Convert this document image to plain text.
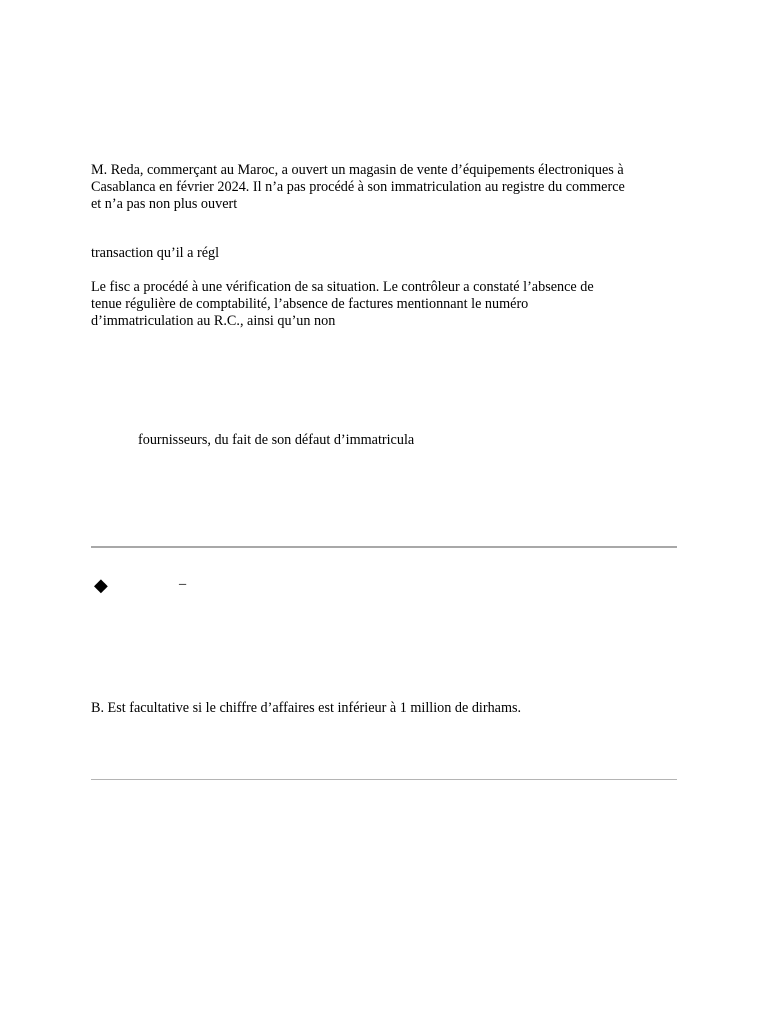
M. Reda, commerçant au Maroc, a ouvert un magasin de vente d’équipements électroniques à
Casablanca en février 2024. Il n’a pas procédé à son immatriculation au registre du commerce
et n’a pas non plus ouvert

transaction qu’il a régl

Le fisc a procédé à une vérification de sa situation. Le contrôleur a constaté l’absence de
tenue régulière de comptabilité, l’absence de factures mentionnant le numéro
d’immatriculation au R.C., ainsi qu’un non

fournisseurs, du fait de son défaut d’immatricula

◆	–

B. Est facultative si le chiffre d’affaires est inférieur à 1 million de dirhams.
